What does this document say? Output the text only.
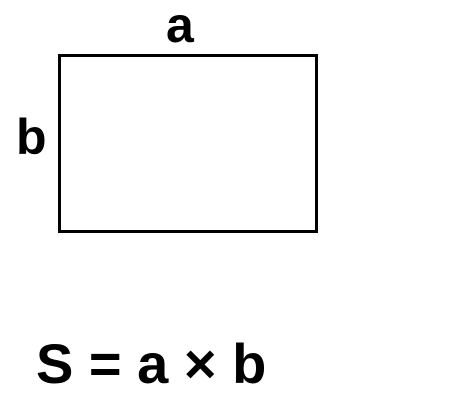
a
b
S = a × b
